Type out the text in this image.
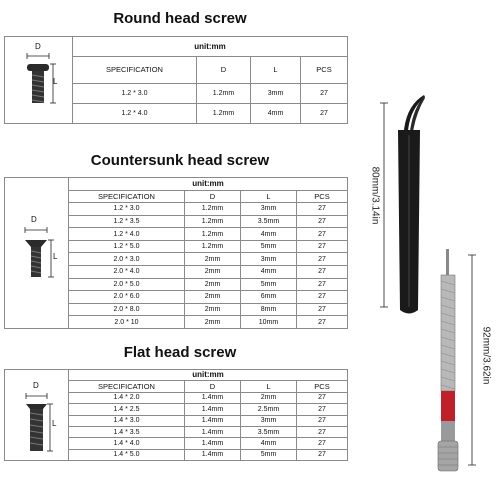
Round head screw
D
L	unit:mm			
	SPECIFICATION	D	L	PCS
	1.2 * 3.0	1.2mm	3mm	27
	1.2 * 4.0	1.2mm	4mm	27
Countersunk head screw
D
L	unit:mm			
	SPECIFICATION	D	L	PCS
	1.2 * 3.0	1.2mm	3mm	27
	1.2 * 3.5	1.2mm	3.5mm	27
	1.2 * 4.0	1.2mm	4mm	27
	1.2 * 5.0	1.2mm	5mm	27
	2.0 * 3.0	2mm	3mm	27
	2.0 * 4.0	2mm	4mm	27
	2.0 * 5.0	2mm	5mm	27
	2.0 * 6.0	2mm	6mm	27
	2.0 * 8.0	2mm	8mm	27
	2.0 * 10	2mm	10mm	27
Flat head screw
D
L	unit:mm			
	SPECIFICATION	D	L	PCS
	1.4 * 2.0	1.4mm	2mm	27
	1.4 * 2.5	1.4mm	2.5mm	27
	1.4 * 3.0	1.4mm	3mm	27
	1.4 * 3.5	1.4mm	3.5mm	27
	1.4 * 4.0	1.4mm	4mm	27
	1.4 * 5.0	1.4mm	5mm	27
80mm/3.14in
92mm/3.62in
